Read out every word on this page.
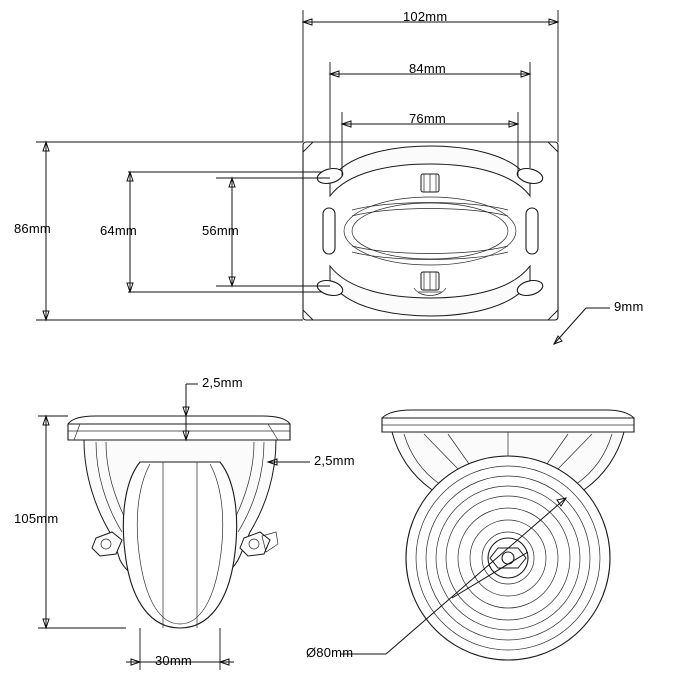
102mm
84mm
76mm
86mm	64mm	56mm
9mm
2,5mm
2,5mm
105mm
30mm
Ø80mm
